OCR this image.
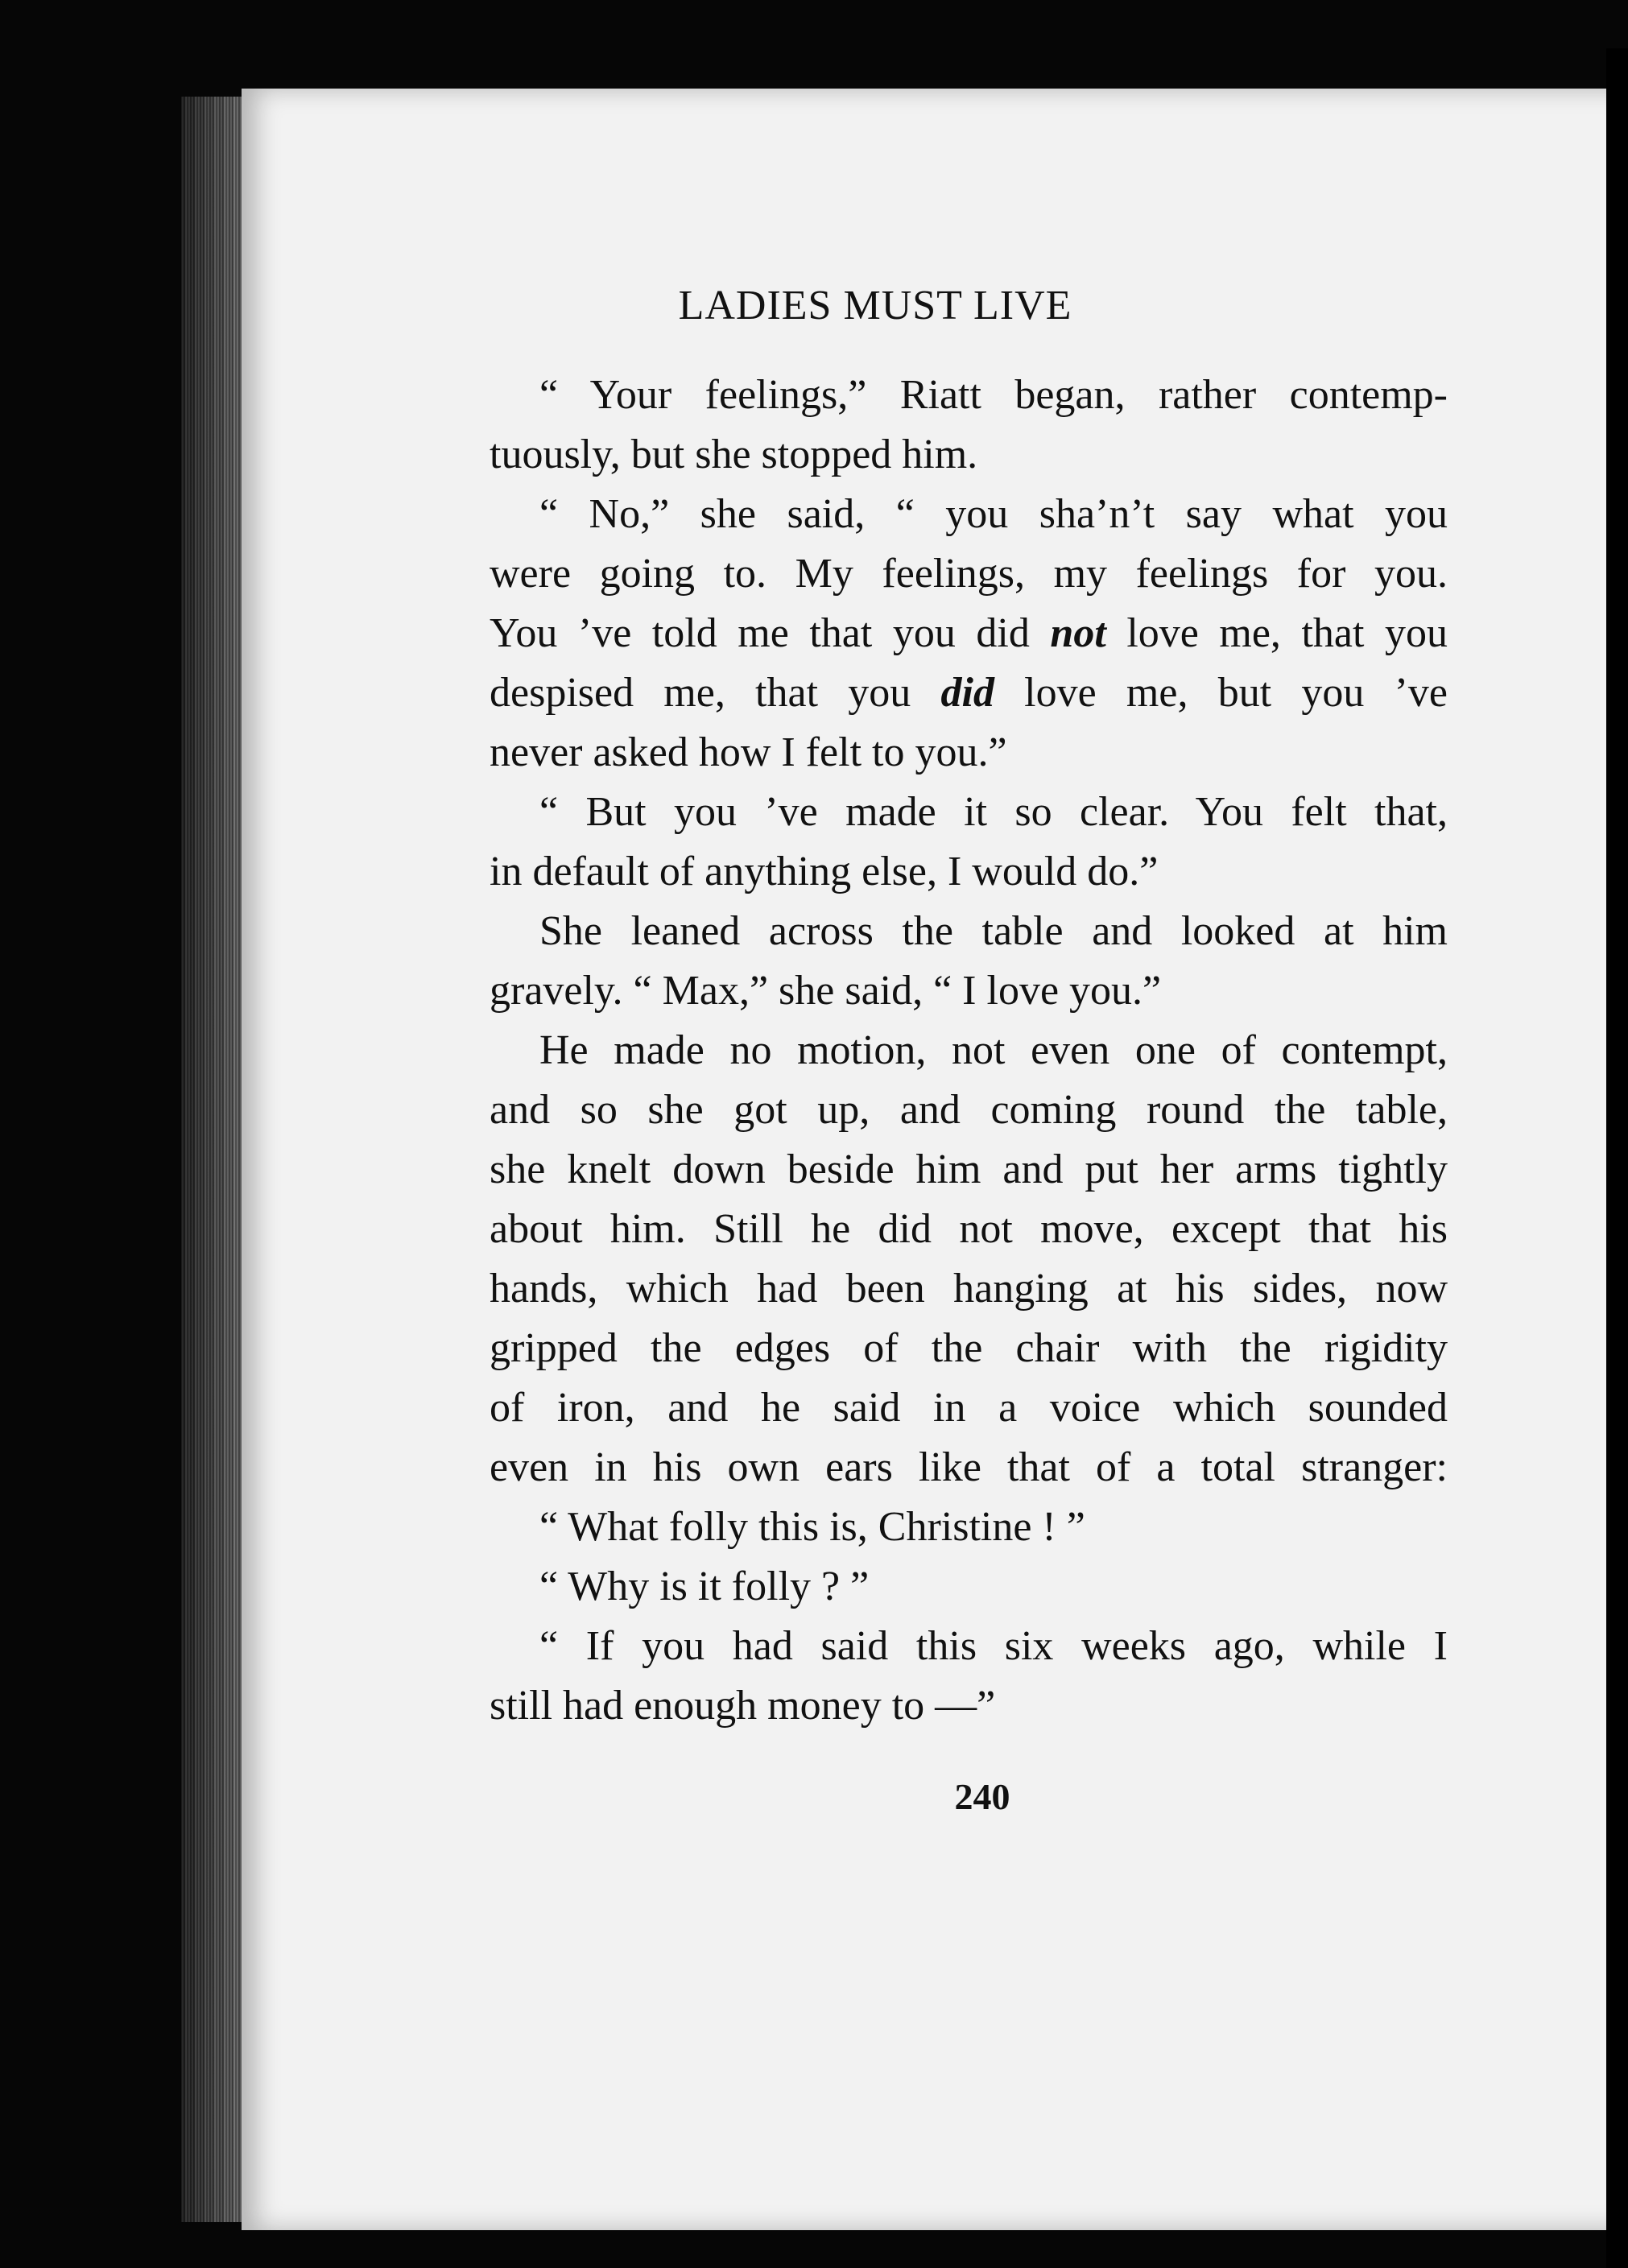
LADIES MUST LIVE
“ Your feelings,” Riatt began, rather contemp-
tuously, but she stopped him.
“ No,” she said, “ you sha’n’t say what you
were going to. My feelings, my feelings for you.
You ’ve told me that you did not love me, that you
despised me, that you did love me, but you ’ve
never asked how I felt to you.”
“ But you ’ve made it so clear. You felt that,
in default of anything else, I would do.”
She leaned across the table and looked at him
gravely. “ Max,” she said, “ I love you.”
He made no motion, not even one of contempt,
and so she got up, and coming round the table,
she knelt down beside him and put her arms tightly
about him. Still he did not move, except that his
hands, which had been hanging at his sides, now
gripped the edges of the chair with the rigidity
of iron, and he said in a voice which sounded
even in his own ears like that of a total stranger:
“ What folly this is, Christine ! ”
“ Why is it folly ? ”
“ If you had said this six weeks ago, while I
still had enough money to —”
240
